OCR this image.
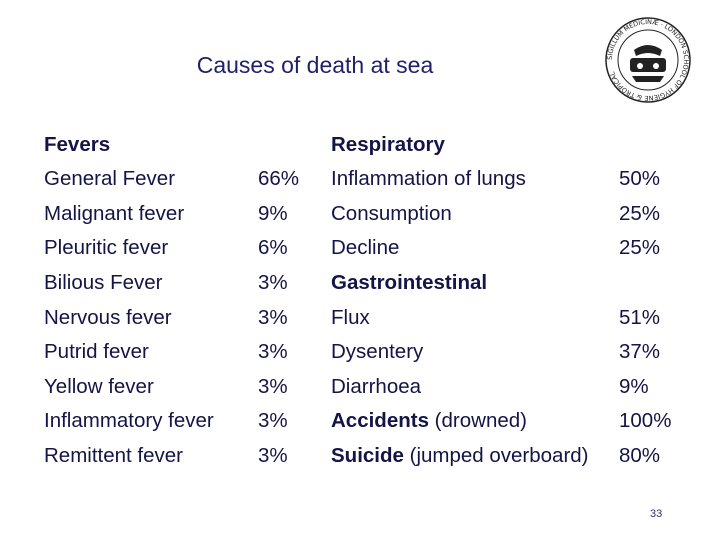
Causes of death at sea	SIGILLUM MEDICINÆ · LONDON SCHOOL OF HYGIENE & TROPICAL
Fevers
General Fever	66%
Malignant fever	9%
Pleuritic fever	6%
Bilious Fever	3%
Nervous fever	3%
Putrid fever	3%
Yellow fever	3%
Inflammatory fever 3%
Remittent fever	3%
Respiratory
Inflammation of lungs	50%
Consumption	25%
Decline	25%
Gastrointestinal
Flux	51%
Dysentery	37%
Diarrhoea	9%
Accidents (drowned)	100%
Suicide (jumped overboard) 80%
33
